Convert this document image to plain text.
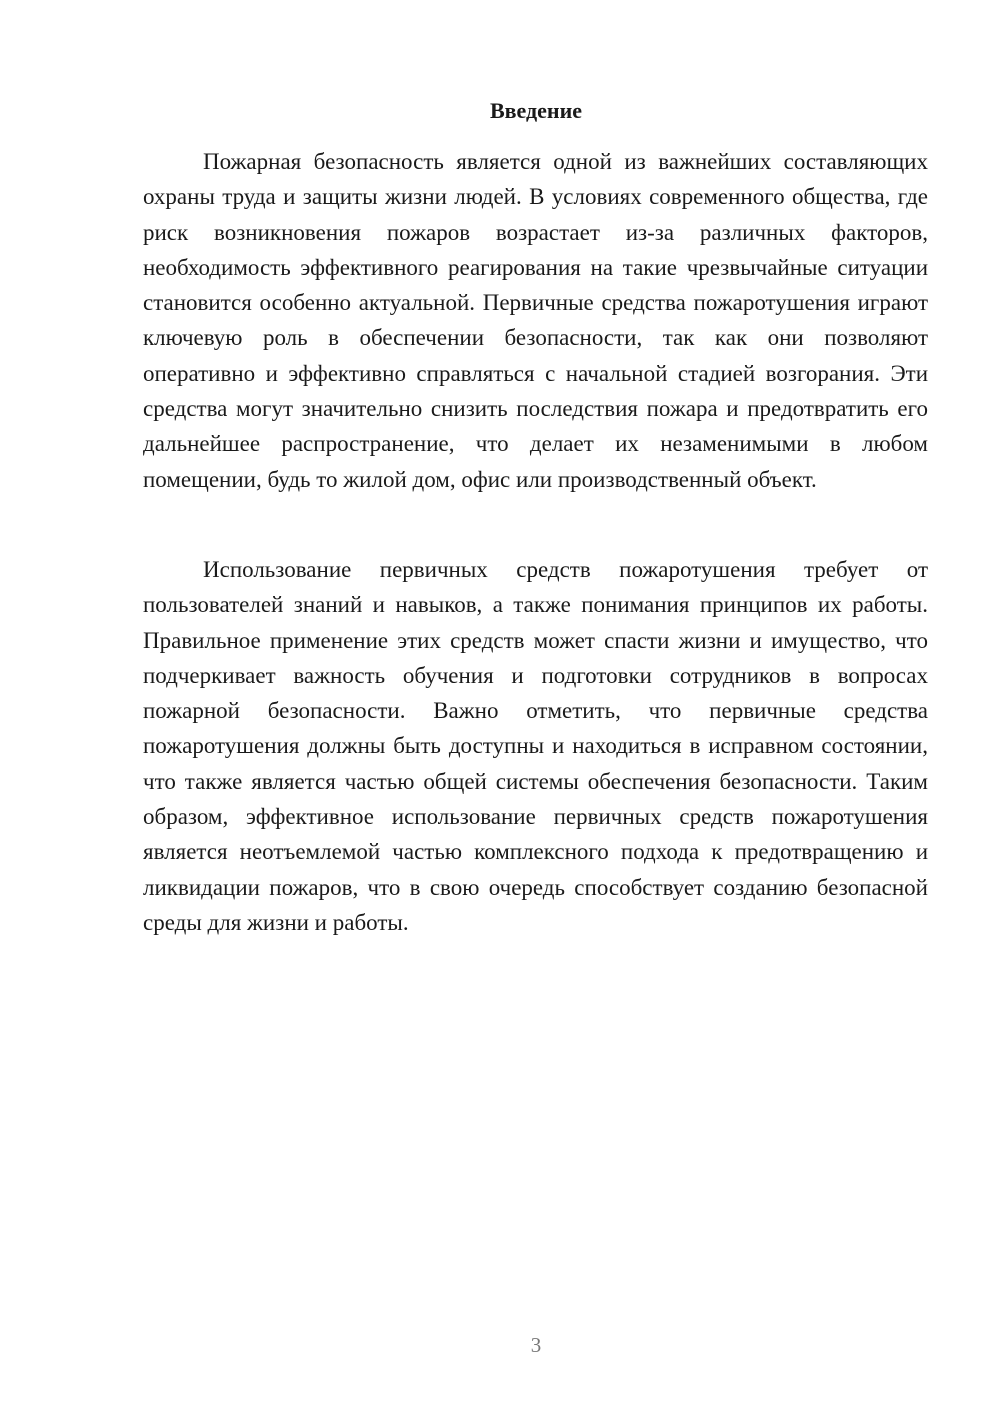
Введение

Пожарная безопасность является одной из важнейших составляющих охраны труда и защиты жизни людей. В условиях современного общества, где риск возникновения пожаров возрастает из-за различных факторов, необходимость эффективного реагирования на такие чрезвычайные ситуации становится особенно актуальной. Первичные средства пожаротушения играют ключевую роль в обеспечении безопасности, так как они позволяют оперативно и эффективно справляться с начальной стадией возгорания. Эти средства могут значительно снизить последствия пожара и предотвратить его дальнейшее распространение, что делает их незаменимыми в любом помещении, будь то жилой дом, офис или производственный объект.

Использование первичных средств пожаротушения требует от пользователей знаний и навыков, а также понимания принципов их работы. Правильное применение этих средств может спасти жизни и имущество, что подчеркивает важность обучения и подготовки сотрудников в вопросах пожарной безопасности. Важно отметить, что первичные средства пожаротушения должны быть доступны и находиться в исправном состоянии, что также является частью общей системы обеспечения безопасности. Таким образом, эффективное использование первичных средств пожаротушения является неотъемлемой частью комплексного подхода к предотвращению и ликвидации пожаров, что в свою очередь способствует созданию безопасной среды для жизни и работы.

3
